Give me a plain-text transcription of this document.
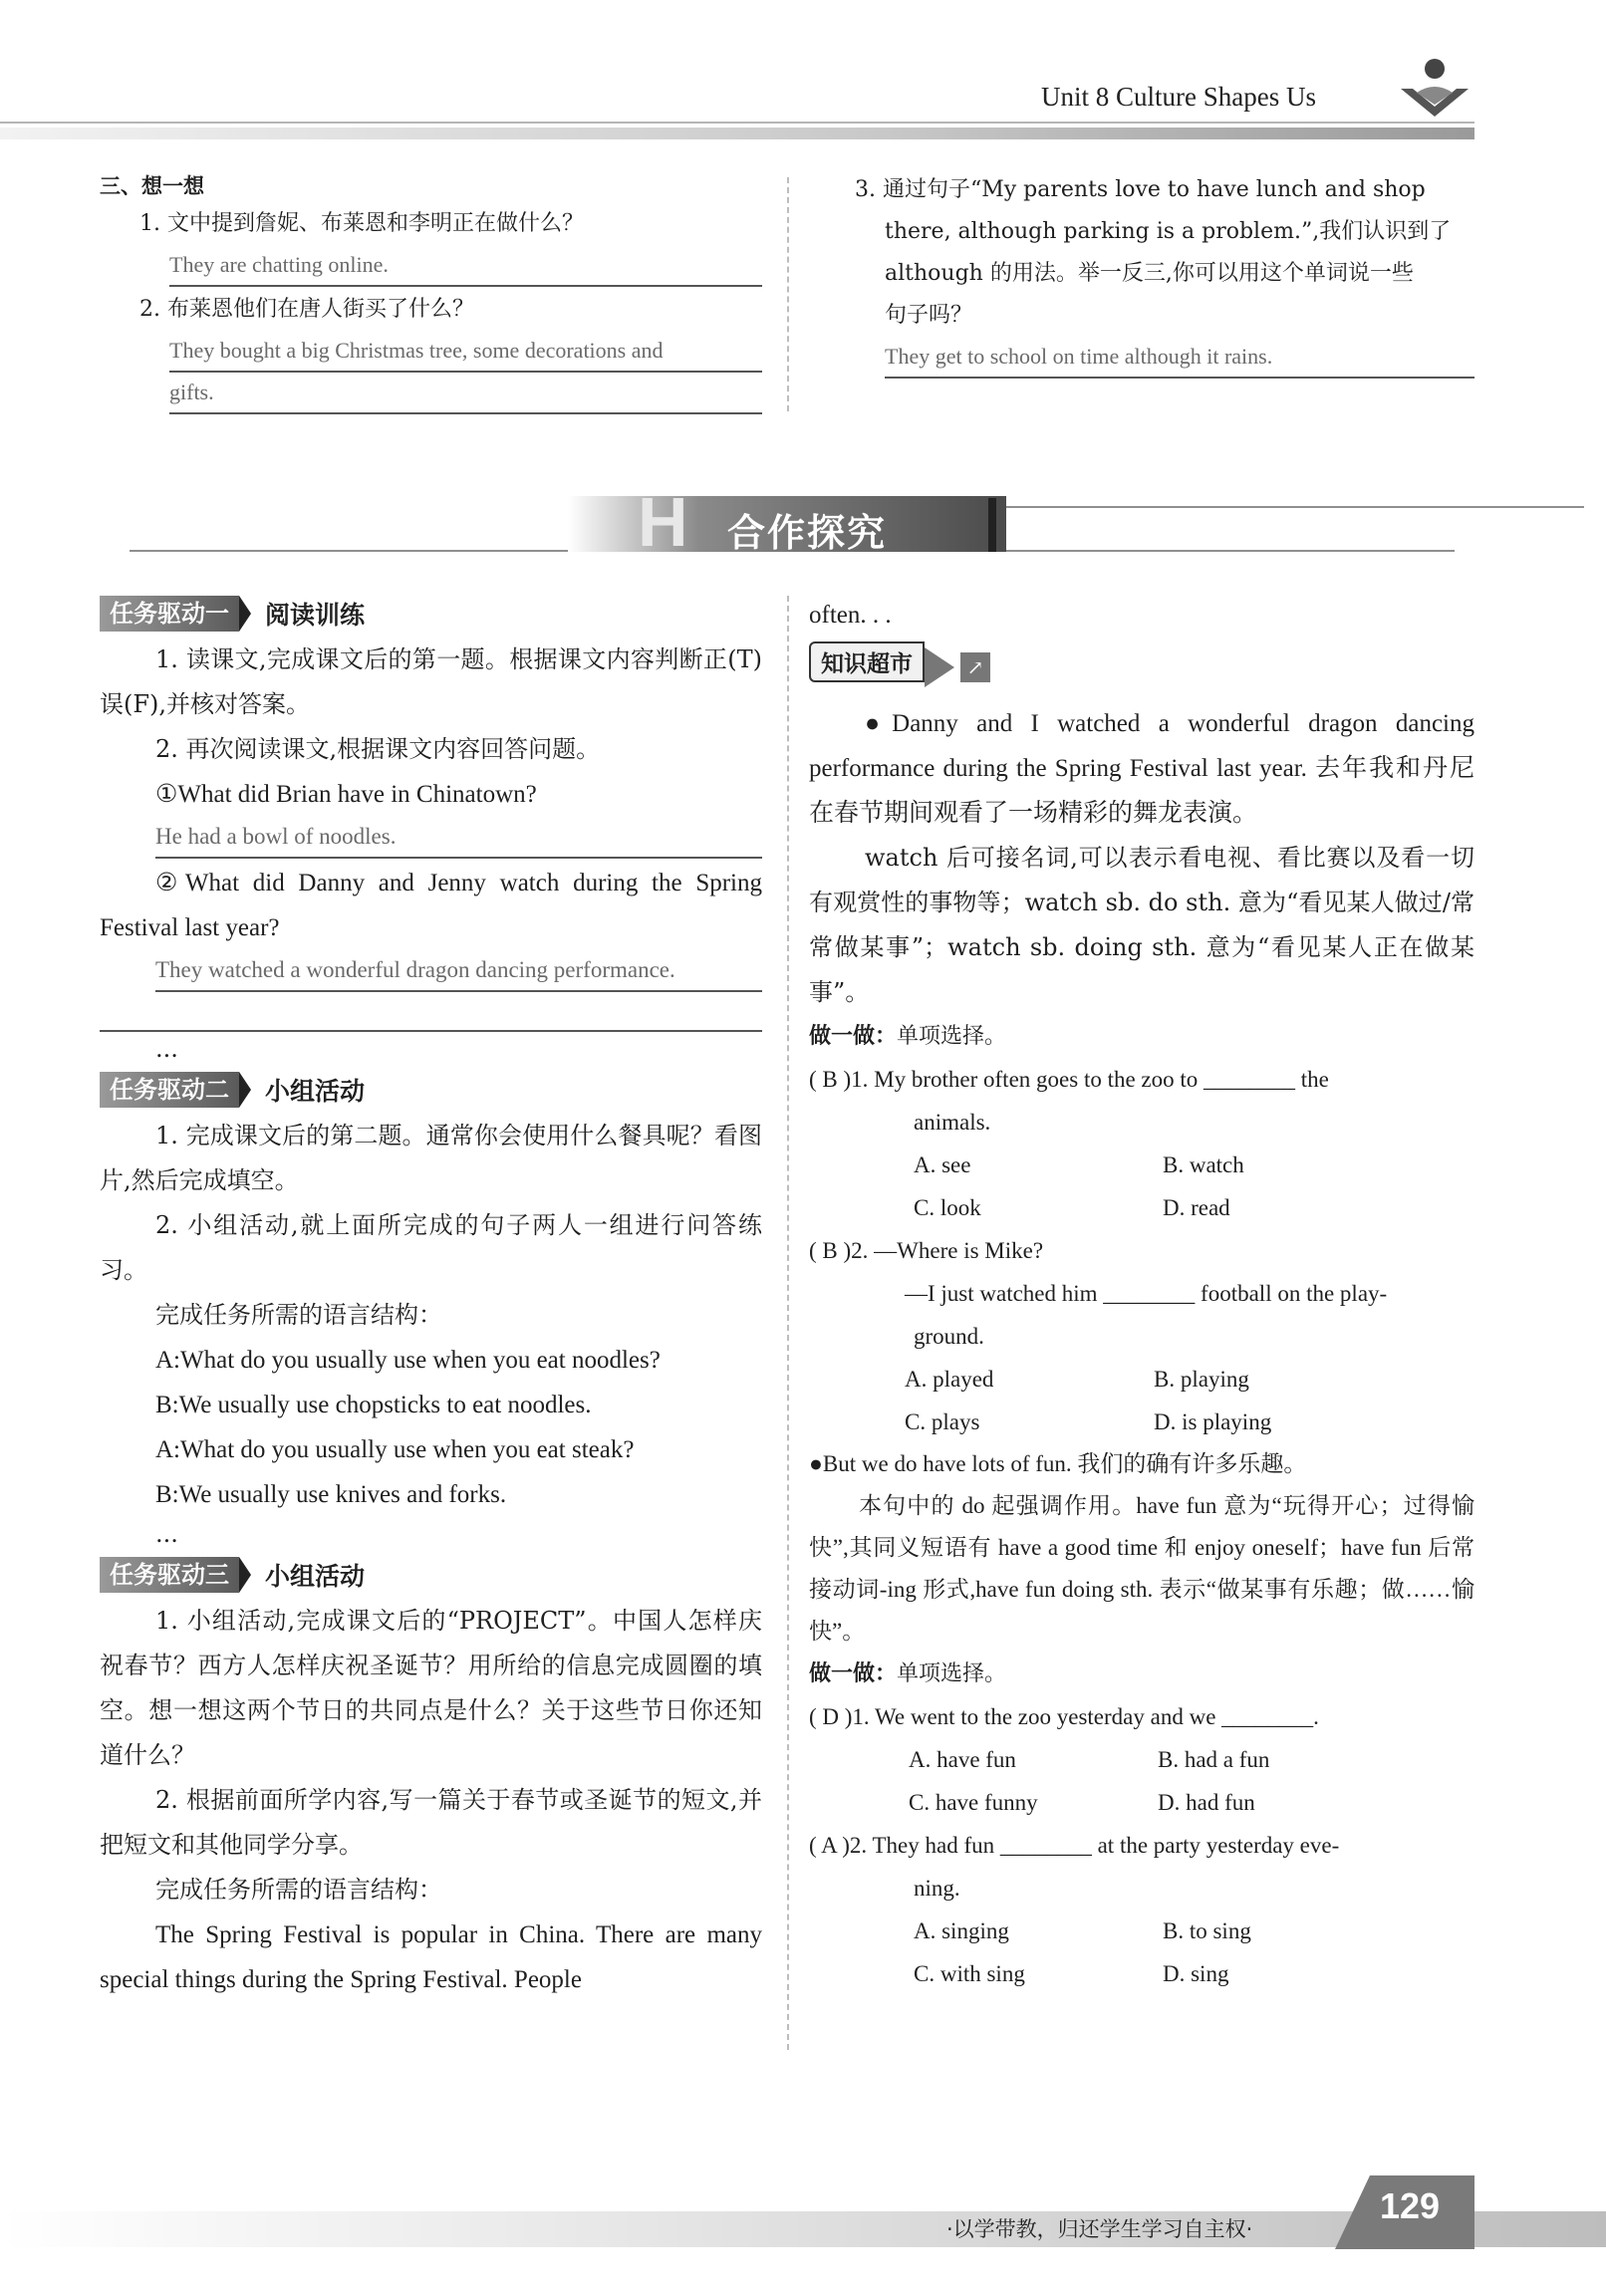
Unit 8 Culture Shapes Us
三、想一想
1. 文中提到詹妮、布莱恩和李明正在做什么？
They are chatting online.
2. 布莱恩他们在唐人街买了什么？
They bought a big Christmas tree, some decorations and
gifts.
3. 通过句子“My parents love to have lunch and shop
there, although parking is a problem.”,我们认识到了
although 的用法。举一反三,你可以用这个单词说一些
句子吗？
They get to school on time although it rains.
H 合作探究
任务驱动一 阅读训练
1. 读课文,完成课文后的第一题。根据课文内容判断正(T)误(F),并核对答案。
2. 再次阅读课文,根据课文内容回答问题。
①What did Brian have in Chinatown?
He had a bowl of noodles.
②What did Danny and Jenny watch during the Spring Festival last year?
They watched a wonderful dragon dancing performance.
...
任务驱动二 小组活动
1. 完成课文后的第二题。通常你会使用什么餐具呢？看图片,然后完成填空。
2. 小组活动,就上面所完成的句子两人一组进行问答练习。
完成任务所需的语言结构：
A:What do you usually use when you eat noodles?
B:We usually use chopsticks to eat noodles.
A:What do you usually use when you eat steak?
B:We usually use knives and forks.
...
任务驱动三 小组活动
1. 小组活动,完成课文后的“PROJECT”。中国人怎样庆祝春节？西方人怎样庆祝圣诞节？用所给的信息完成圆圈的填空。想一想这两个节日的共同点是什么？关于这些节日你还知道什么？
2. 根据前面所学内容,写一篇关于春节或圣诞节的短文,并把短文和其他同学分享。
完成任务所需的语言结构：
The Spring Festival is popular in China. There are many special things during the Spring Festival. People
often. . .
知识超市	↗
●Danny and I watched a wonderful dragon dancing performance during the Spring Festival last year. 去年我和丹尼在春节期间观看了一场精彩的舞龙表演。
watch 后可接名词,可以表示看电视、看比赛以及看一切有观赏性的事物等；watch sb. do sth. 意为“看见某人做过/常常做某事”；watch sb. doing sth. 意为“看见某人正在做某事”。
做一做：单项选择。
( B )1. My brother often goes to the zoo to ________ the
animals.
A. see	B. watch
C. look	D. read
( B )2. —Where is Mike?
—I just watched him ________ football on the play-
ground.
A. played	B. playing
C. plays	D. is playing
●But we do have lots of fun. 我们的确有许多乐趣。
本句中的 do 起强调作用。have fun 意为“玩得开心；过得愉快”,其同义短语有 have a good time 和 enjoy oneself；have fun 后常接动词-ing 形式,have fun doing sth. 表示“做某事有乐趣；做……愉快”。
做一做：单项选择。
( D )1. We went to the zoo yesterday and we ________.
A. have fun	B. had a fun
C. have funny	D. had fun
( A )2. They had fun ________ at the party yesterday eve-
ning.
A. singing	B. to sing
C. with sing	D. sing
·以学带教，归还学生学习自主权·
129
